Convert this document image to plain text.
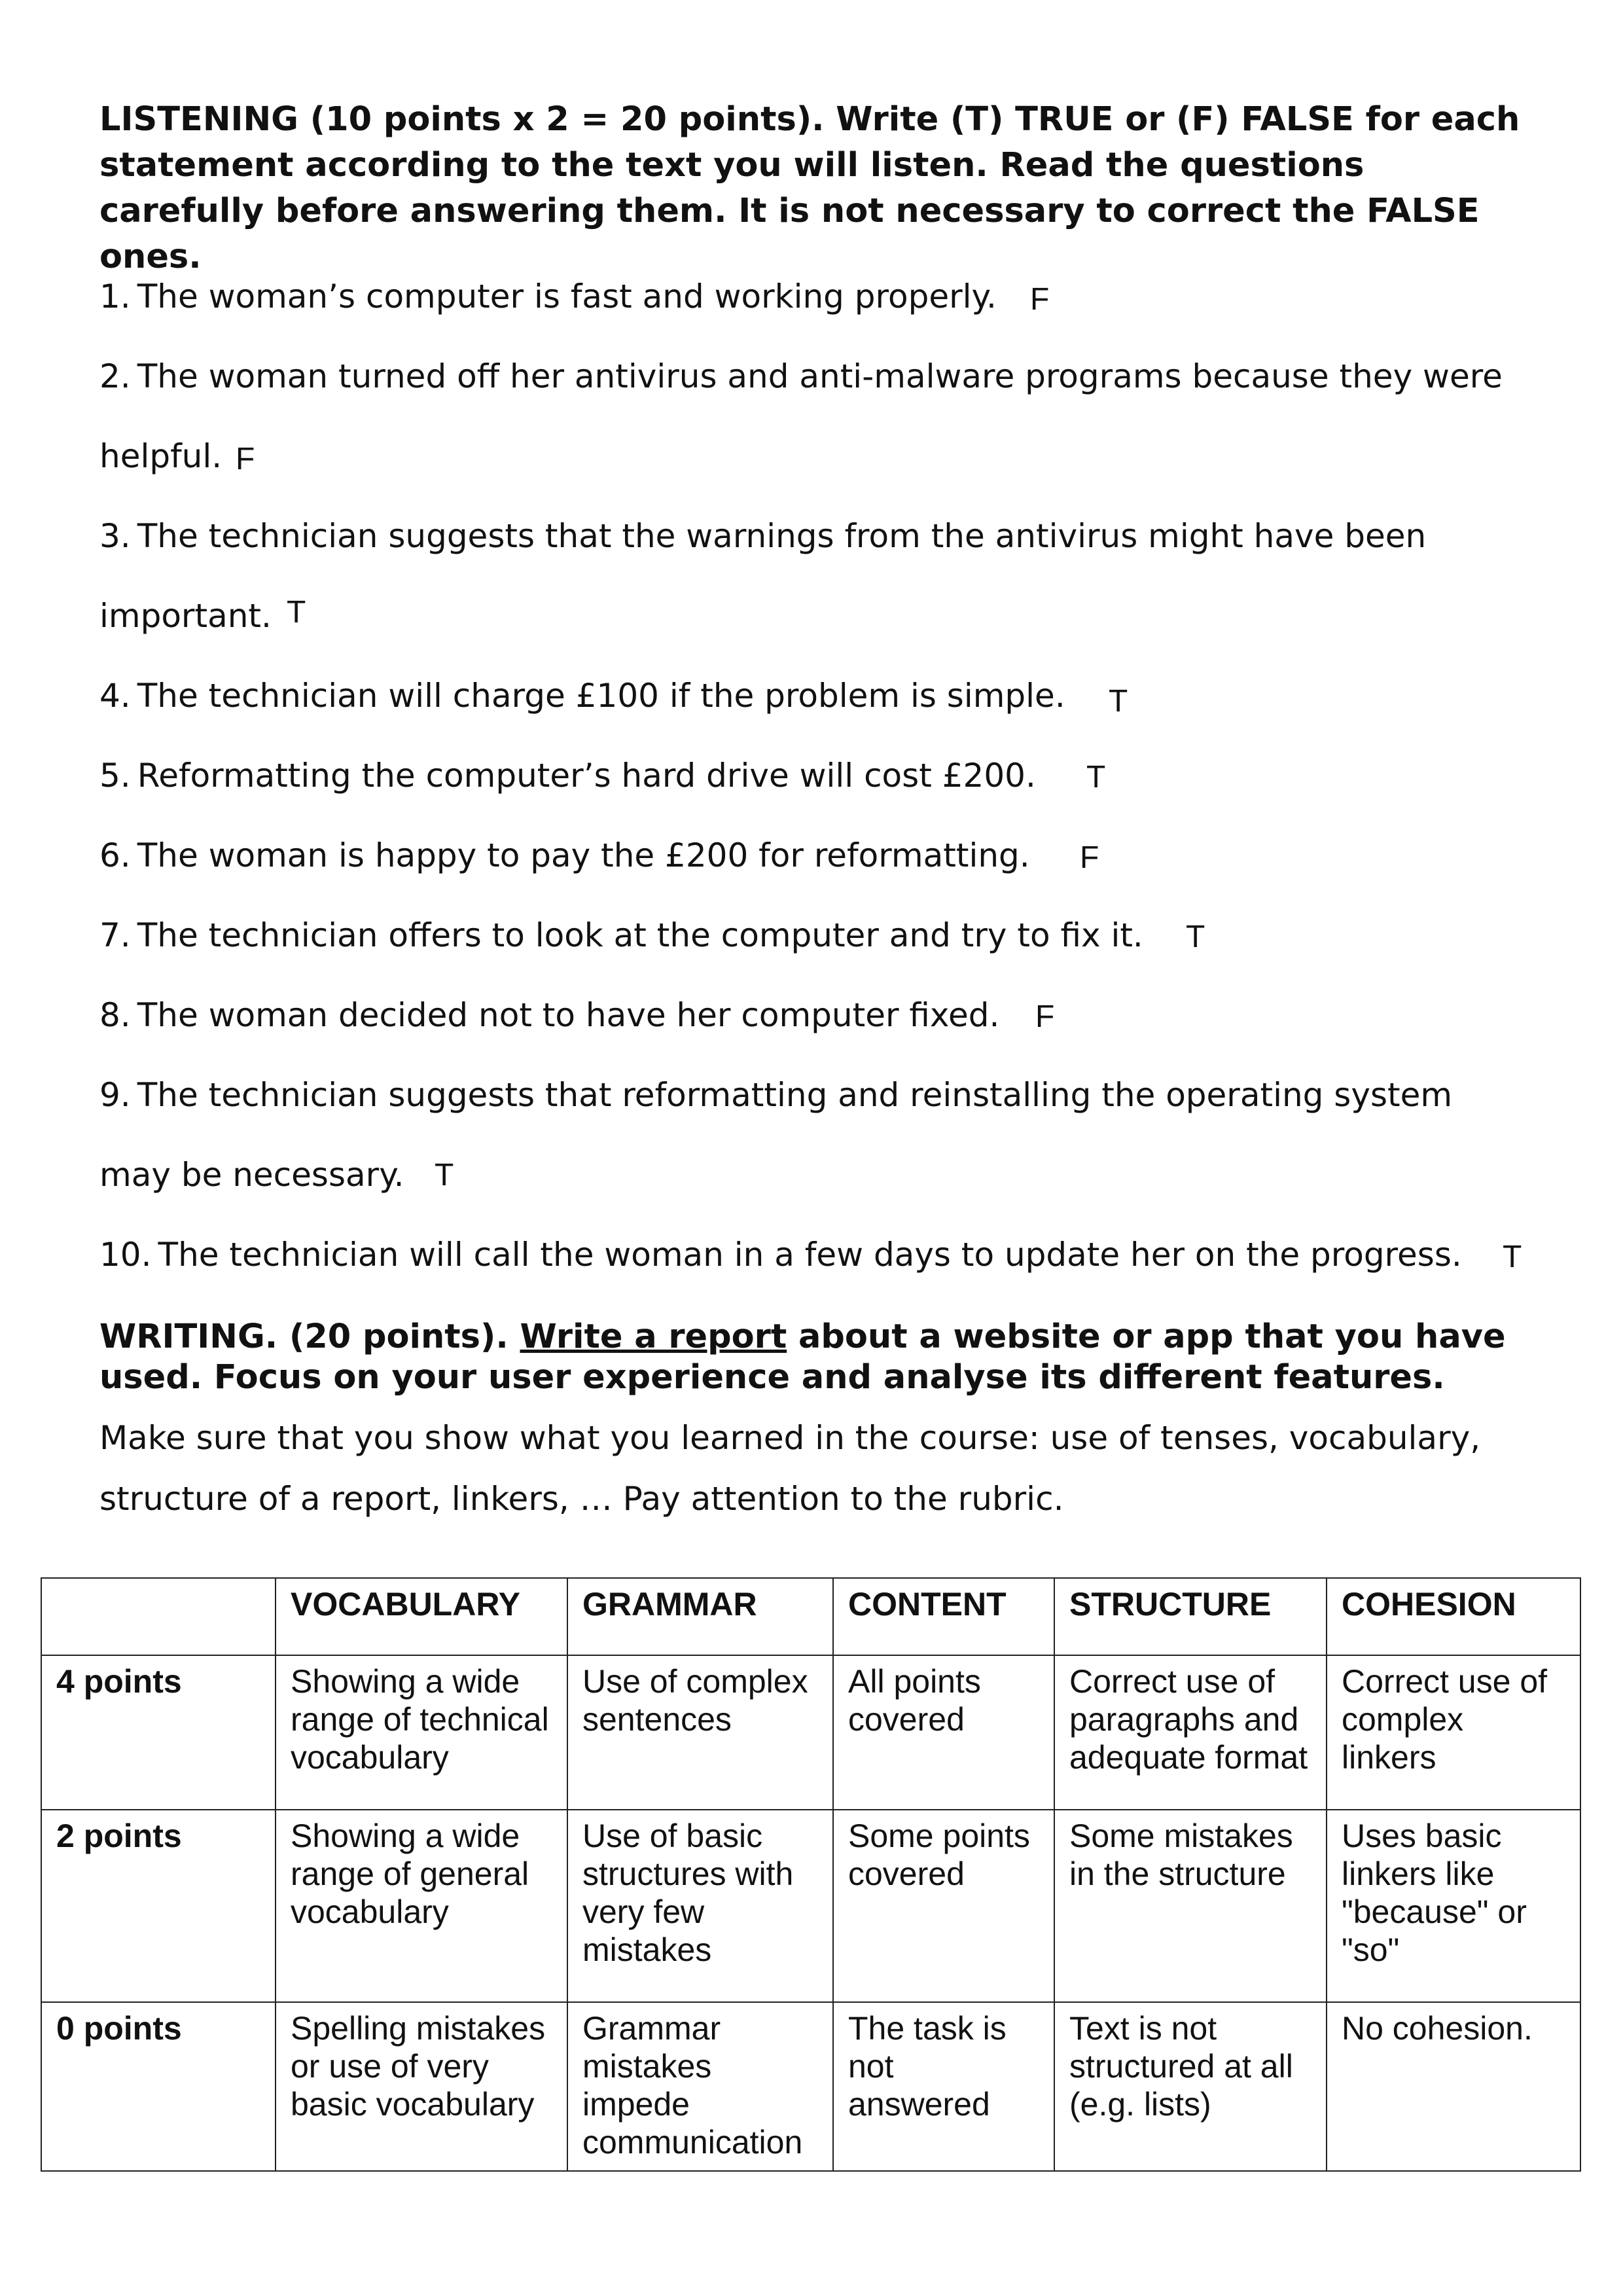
LISTENING (10 points x 2 = 20 points). Write (T) TRUE or (F) FALSE for each statement according to the text you will listen. Read the questions carefully before answering them. It is not necessary to correct the FALSE ones.

1. The woman’s computer is fast and working properly. F
2. The woman turned off her antivirus and anti-malware programs because they were
helpful. F
3. The technician suggests that the warnings from the antivirus might have been
important. T
4. The technician will charge £100 if the problem is simple. T
5. Reformatting the computer’s hard drive will cost £200. T
6. The woman is happy to pay the £200 for reformatting. F
7. The technician offers to look at the computer and try to fix it. T
8. The woman decided not to have her computer fixed. F
9. The technician suggests that reformatting and reinstalling the operating system
may be necessary. T
10. The technician will call the woman in a few days to update her on the progress. T

WRITING. (20 points). Write a report about a website or app that you have used. Focus on your user experience and analyse its different features.

Make sure that you show what you learned in the course: use of tenses, vocabulary,
structure of a report, linkers, … Pay attention to the rubric.
	VOCABULARY	GRAMMAR	CONTENT	STRUCTURE	COHESION
4 points	Showing a wide range of technical vocabulary	Use of complex sentences	All points covered	Correct use of paragraphs and adequate format	Correct use of complex linkers
2 points	Showing a wide range of general vocabulary	Use of basic structures with very few mistakes	Some points covered	Some mistakes in the structure	Uses basic linkers like "because" or "so"
0 points	Spelling mistakes or use of very basic vocabulary	Grammar mistakes impede communication	The task is not answered	Text is not structured at all (e.g. lists)	No cohesion.
